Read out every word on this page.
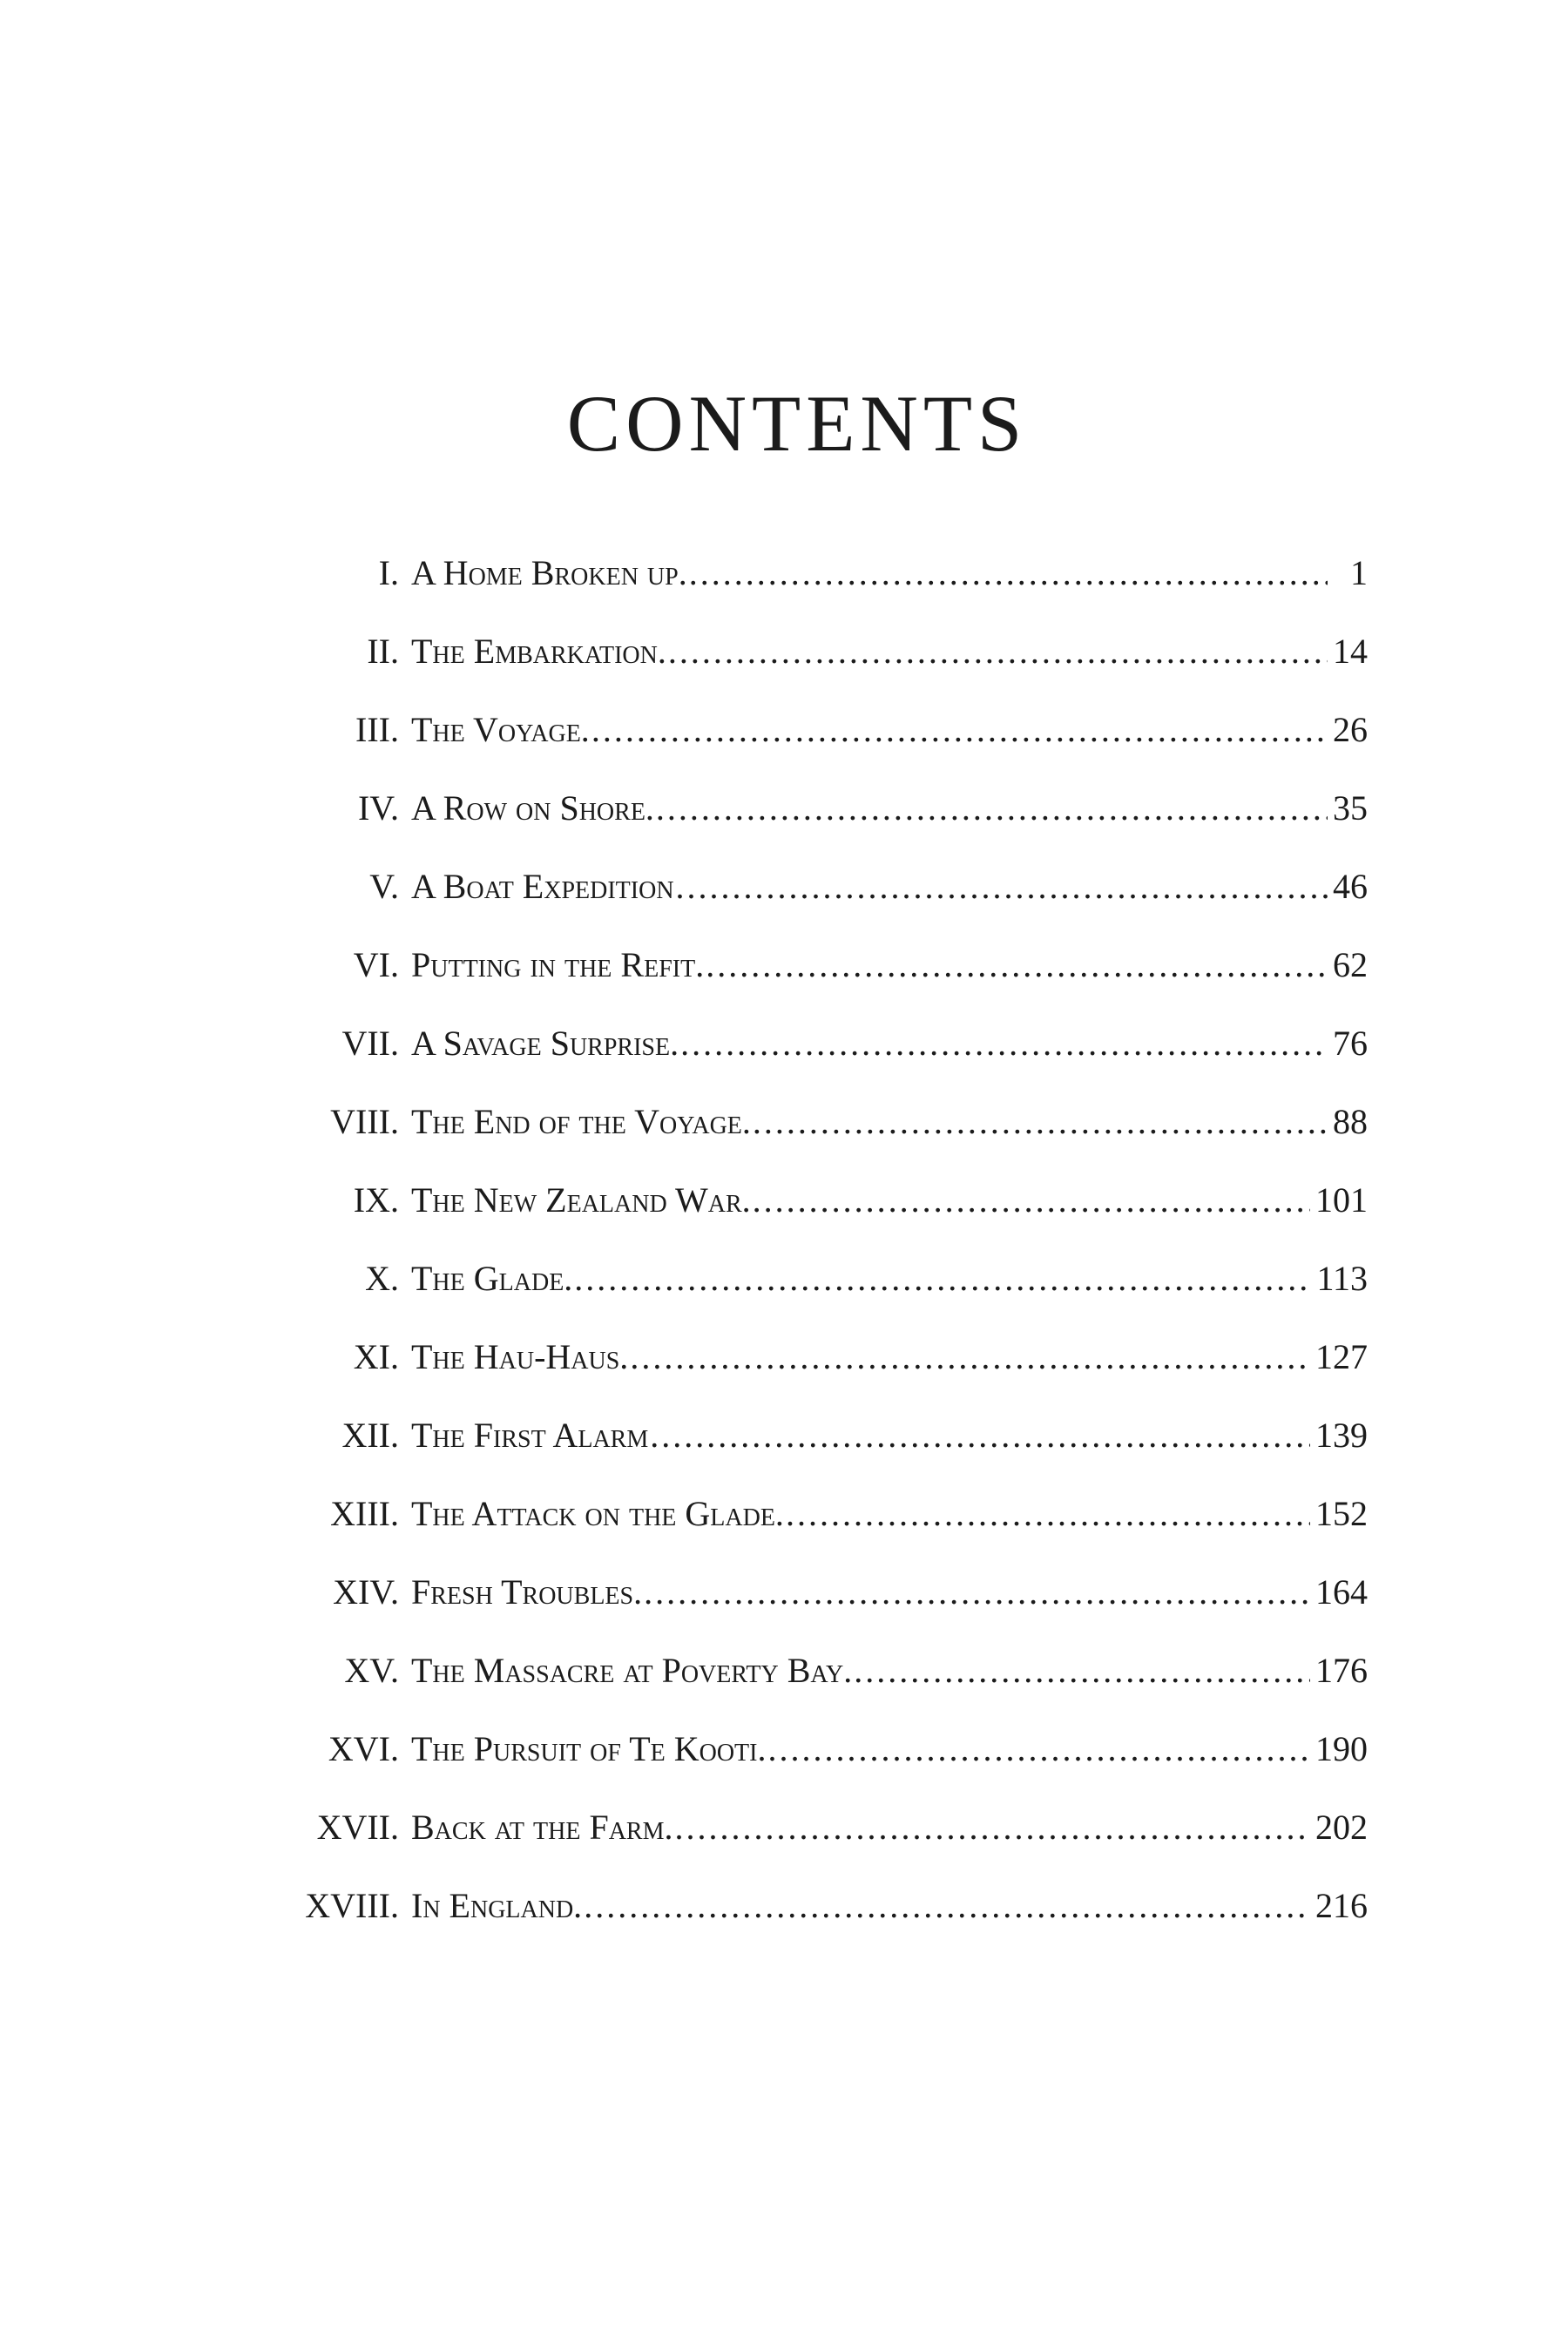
CONTENTS
I. A Home Broken up. .....	1
II. The Embarkation. .....	14
III. The Voyage. .....	26
IV. A Row on Shore. .....	35
V. A Boat Expedition .....	46
VI. Putting in the Refit. .....	62
VII. A Savage Surprise. .....	76
VIII. The End of the Voyage. .....	88
IX. The New Zealand War. .....	101
X. The Glade. .....	113
XI. The Hau-Haus. .....	127
XII. The First Alarm .....	139
XIII. The Attack on the Glade. .....	152
XIV. Fresh Troubles. .....	164
XV. The Massacre at Poverty Bay. .....	176
XVI. The Pursuit of Te Kooti. .....	190
XVII. Back at the Farm. .....	202
XVIII. In England. .....	216
